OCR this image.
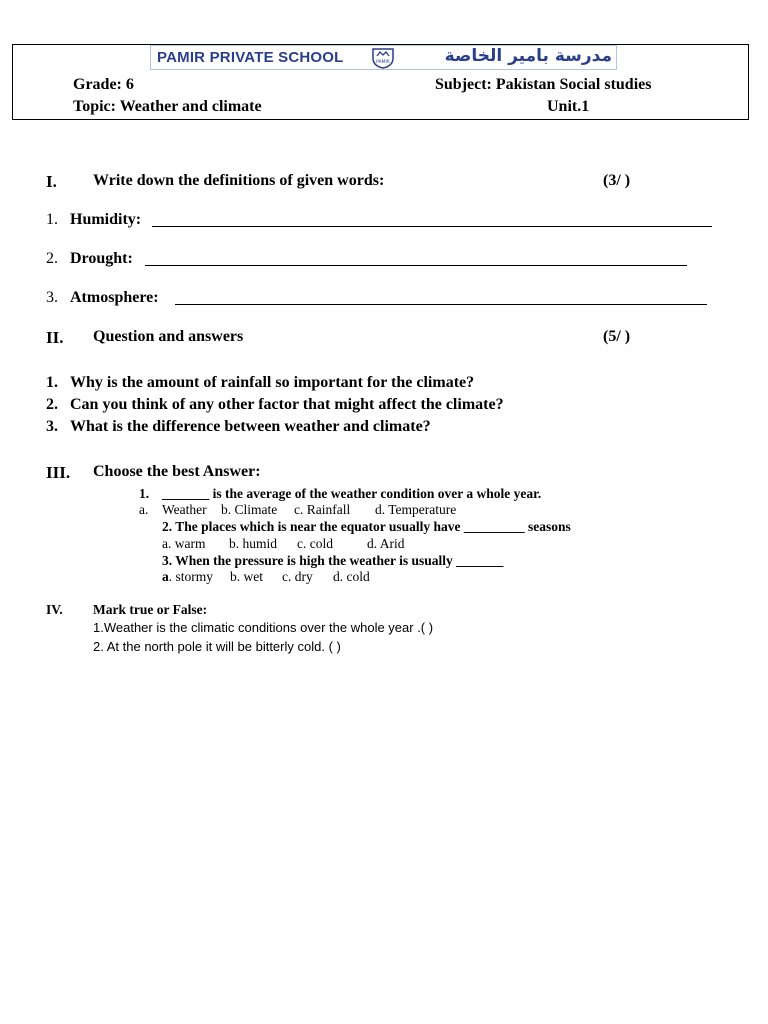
PAMIR PRIVATE SCHOOL	PAMIR	مدرسة بامير الخاصة
Grade: 6	Subject: Pakistan Social studies
Topic: Weather and climate	Unit.1
I. Write down the definitions of given words:	(3/ )
1. Humidity:
2. Drought:
3. Atmosphere:
II. Question and answers	(5/ )
1. Why is the amount of rainfall so important for the climate?
2. Can you think of any other factor that might affect the climate?
3. What is the difference between weather and climate?
III. Choose the best Answer:
1. _______ is the average of the weather condition over a whole year.
a. Weather b. Climate c. Rainfall d. Temperature
2. The places which is near the equator usually have _________ seasons
a. warm b. humid c. cold	d. Arid
3. When the pressure is high the weather is usually _______
a. stormy b. wet c. dry d. cold
IV. Mark true or False:
1.Weather is the climatic conditions over the whole year .( )
2. At the north pole it will be bitterly cold. ( )
